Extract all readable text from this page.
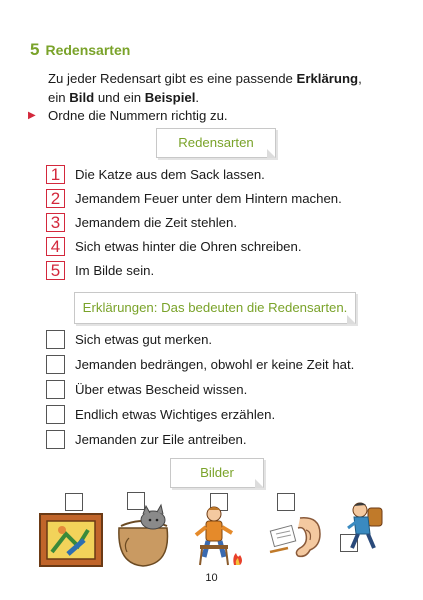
5 Redensarten
Zu jeder Redensart gibt es eine passende Erklärung,
ein Bild und ein Beispiel.
▶ Ordne die Nummern richtig zu.
Redensarten
1	Die Katze aus dem Sack lassen.
2	Jemandem Feuer unter dem Hintern machen.
3	Jemandem die Zeit stehlen.
4	Sich etwas hinter die Ohren schreiben.
5	Im Bilde sein.
Erklärungen: Das bedeuten die Redensarten.
Sich etwas gut merken.
Jemanden bedrängen, obwohl er keine Zeit hat.
Über etwas Bescheid wissen.
Endlich etwas Wichtiges erzählen.
Jemanden zur Eile antreiben.
Bilder
10
